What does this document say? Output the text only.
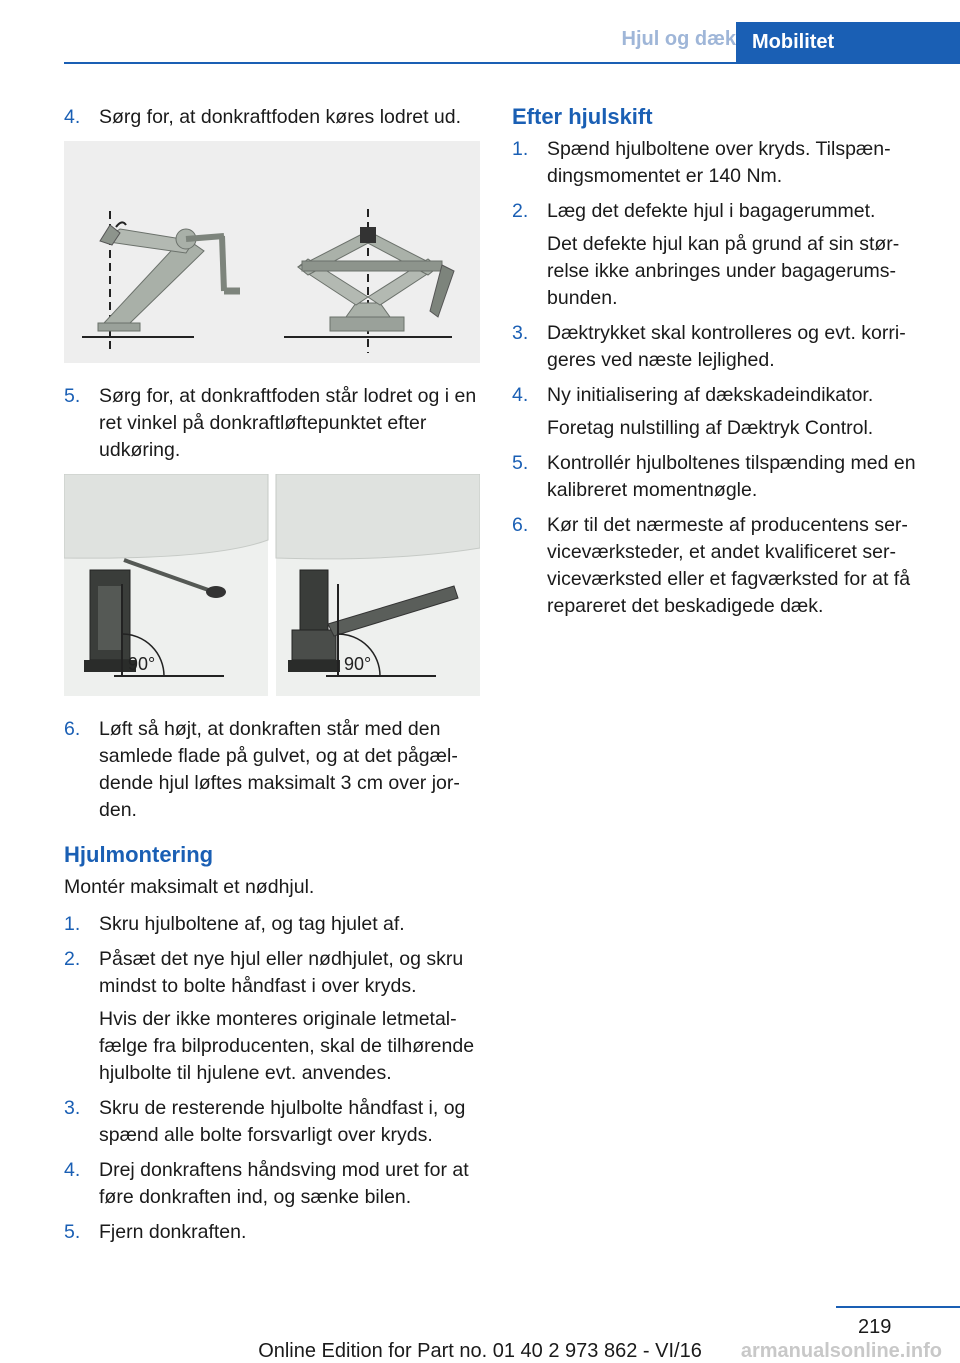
Hjul og dæk Mobilitet
4. Sørg for, at donkraftfoden køres lodret ud.
5. Sørg for, at donkraftfoden står lodret og i en ret vinkel på donkraftløftepunktet efter udkøring.
90°	90°
6. Løft så højt, at donkraften står med den samlede flade på gulvet, og at det pågældende hjul løftes maksimalt 3 cm over jorden.
Hjulmontering

Montér maksimalt et nødhjul.

1. Skru hjulboltene af, og tag hjulet af.
2. Påsæt det nye hjul eller nødhjulet, og skru mindst to bolte håndfast i over kryds.
Hvis der ikke monteres originale letmetalfælge fra bilproducenten, skal de tilhørende hjulbolte til hjulene evt. anvendes.
3. Skru de resterende hjulbolte håndfast i, og spænd alle bolte forsvarligt over kryds.
4. Drej donkraftens håndsving mod uret for at føre donkraften ind, og sænke bilen.
5. Fjern donkraften.
Efter hjulskift
1. Spænd hjulboltene over kryds. Tilspændingsmomentet er 140 Nm.
2. Læg det defekte hjul i bagagerummet.
Det defekte hjul kan på grund af sin størrelse ikke anbringes under bagagerumsbunden.
3. Dæktrykket skal kontrolleres og evt. korrigeres ved næste lejlighed.
4. Ny initialisering af dækskadeindikator.
Foretag nulstilling af Dæktryk Control.
5. Kontrollér hjulboltenes tilspænding med en kalibreret momentnøgle.
6. Kør til det nærmeste af producentens serviceværksteder, et andet kvalificeret serviceværksted eller et fagværksted for at få repareret det beskadigede dæk.
219
Online Edition for Part no. 01 40 2 973 862 - VI/16	armanualsonline.info
